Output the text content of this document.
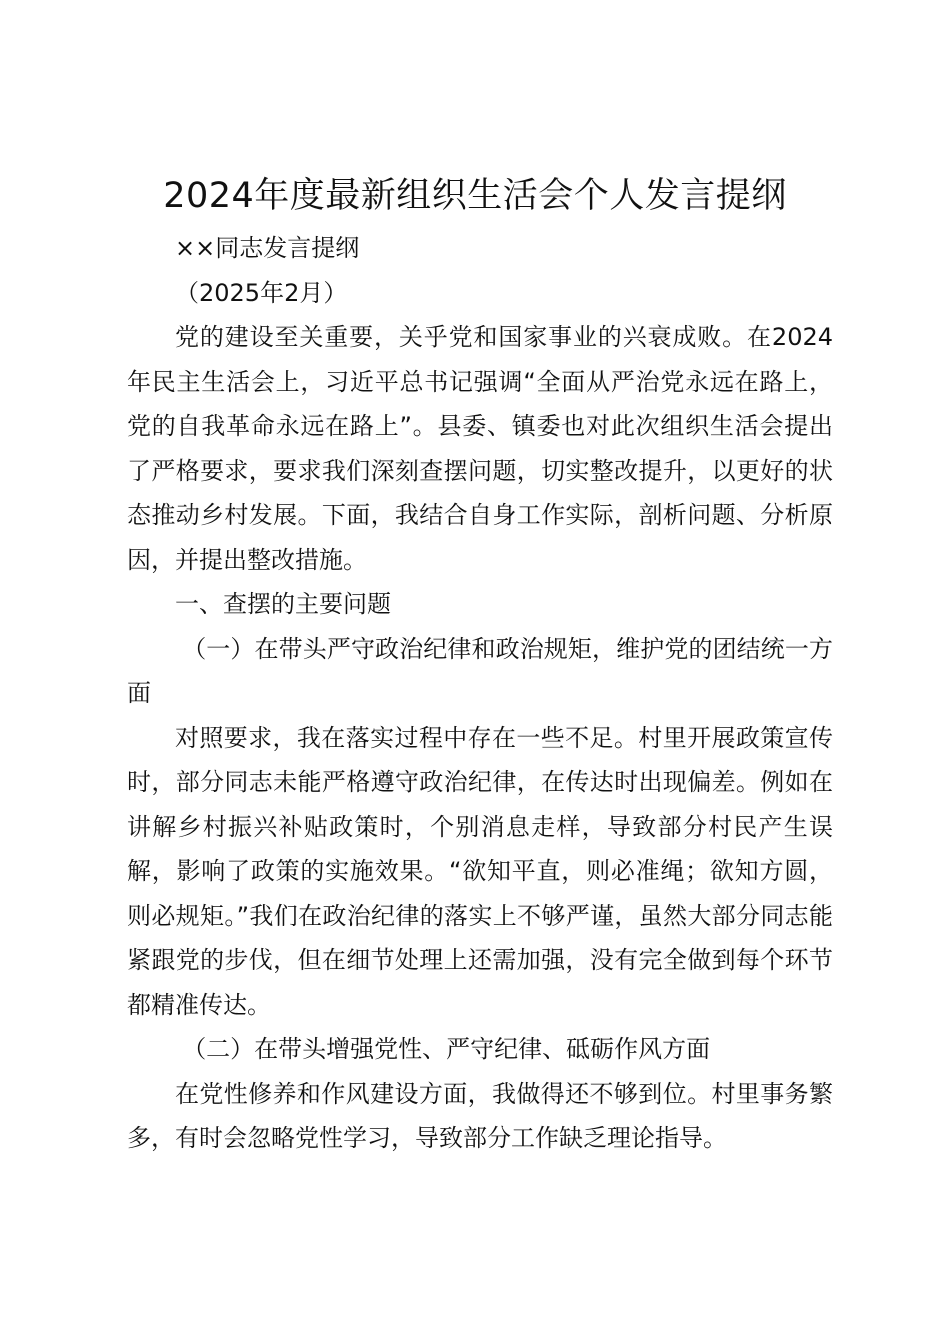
2024年度最新组织生活会个人发言提纲

××同志发言提纲

（2025年2月）

党的建设至关重要，关乎党和国家事业的兴衰成败。在2024年民主生活会上，习近平总书记强调“全面从严治党永远在路上，党的自我革命永远在路上”。县委、镇委也对此次组织生活会提出了严格要求，要求我们深刻查摆问题，切实整改提升，以更好的状态推动乡村发展。下面，我结合自身工作实际，剖析问题、分析原因，并提出整改措施。

一、查摆的主要问题

（一）在带头严守政治纪律和政治规矩，维护党的团结统一方面

对照要求，我在落实过程中存在一些不足。村里开展政策宣传时，部分同志未能严格遵守政治纪律，在传达时出现偏差。例如在讲解乡村振兴补贴政策时，个别消息走样，导致部分村民产生误解，影响了政策的实施效果。“欲知平直，则必准绳；欲知方圆，则必规矩。”我们在政治纪律的落实上不够严谨，虽然大部分同志能紧跟党的步伐，但在细节处理上还需加强，没有完全做到每个环节都精准传达。

（二）在带头增强党性、严守纪律、砥砺作风方面

在党性修养和作风建设方面，我做得还不够到位。村里事务繁多，有时会忽略党性学习，导致部分工作缺乏理论指导。
